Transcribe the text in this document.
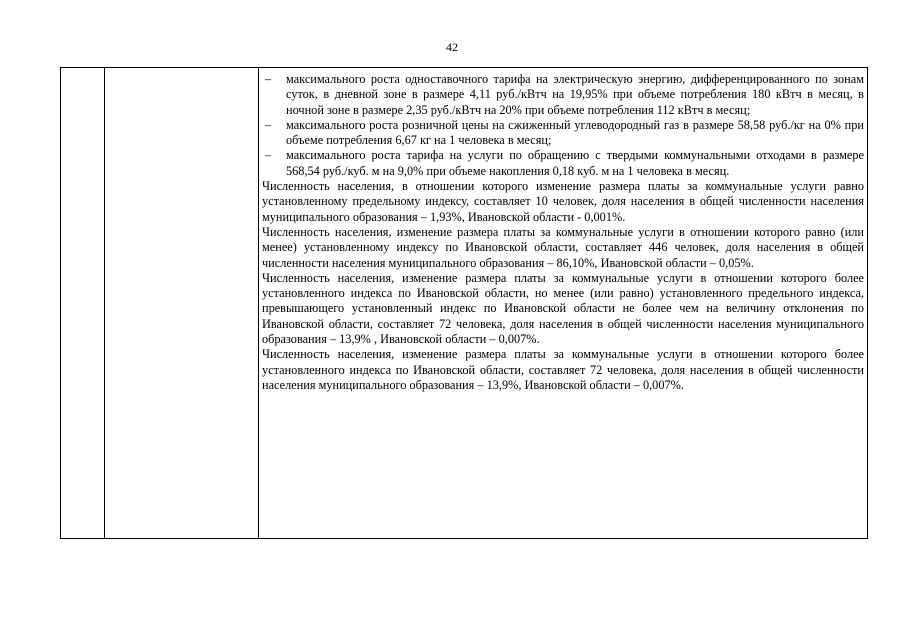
42

– максимального роста одноставочного тарифа на электрическую энергию, дифференцированного по зонам суток, в дневной зоне в размере 4,11 руб./кВтч на 19,95% при объеме потребления 180 кВтч в месяц, в ночной зоне в размере 2,35 руб./кВтч на 20% при объеме потребления 112 кВтч в месяц;

– максимального роста розничной цены на сжиженный углеводородный газ в размере 58,58 руб./кг на 0% при объеме потребления 6,67 кг на 1 человека в месяц;

– максимального роста тарифа на услуги по обращению с твердыми коммунальными отходами в размере 568,54 руб./куб. м на 9,0% при объеме накопления 0,18 куб. м на 1 человека в месяц.

Численность населения, в отношении которого изменение размера платы за коммунальные услуги равно установленному предельному индексу, составляет 10 человек, доля населения в общей численности населения муниципального образования – 1,93%, Ивановской области - 0,001%.

Численность населения, изменение размера платы за коммунальные услуги в отношении которого равно (или менее) установленному индексу по Ивановской области, составляет 446 человек, доля населения в общей численности населения муниципального образования – 86,10%, Ивановской области – 0,05%.

Численность населения, изменение размера платы за коммунальные услуги в отношении которого более установленного индекса по Ивановской области, но менее (или равно) установленного предельного индекса, превышающего установленный индекс по Ивановской области не более чем на величину отклонения по Ивановской области, составляет 72 человека, доля населения в общей численности населения муниципального образования – 13,9% , Ивановской области – 0,007%.

Численность населения, изменение размера платы за коммунальные услуги в отношении которого более установленного индекса по Ивановской области, составляет 72 человека, доля населения в общей численности населения муниципального образования – 13,9%, Ивановской области – 0,007%.
